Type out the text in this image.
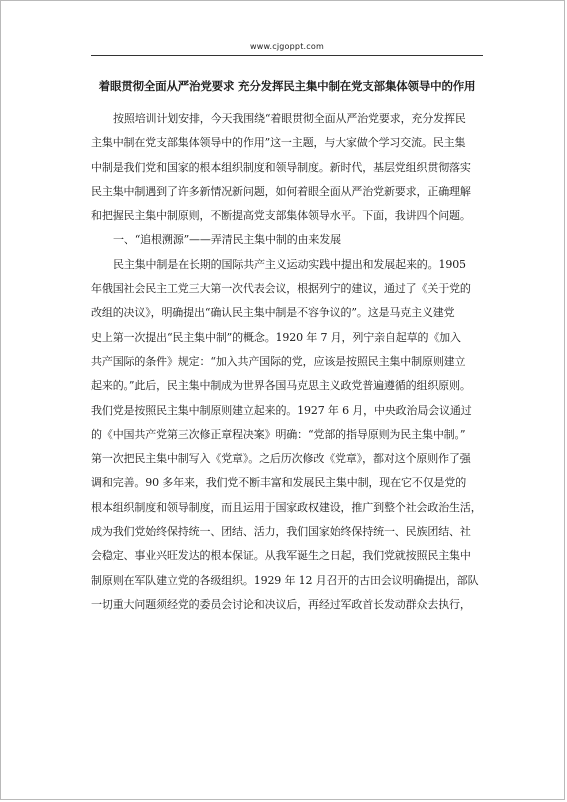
www.cjgoppt.com
着眼贯彻全面从严治党要求 充分发挥民主集中制在党支部集体领导中的作用
按照培训计划安排，今天我围绕“着眼贯彻全面从严治党要求，充分发挥民
主集中制在党支部集体领导中的作用”这一主题，与大家做个学习交流。民主集
中制是我们党和国家的根本组织制度和领导制度。新时代，基层党组织贯彻落实
民主集中制遇到了许多新情况新问题，如何着眼全面从严治党新要求，正确理解
和把握民主集中制原则，不断提高党支部集体领导水平。下面，我讲四个问题。
一、“追根溯源”——弄清民主集中制的由来发展
民主集中制是在长期的国际共产主义运动实践中提出和发展起来的。1905
年俄国社会民主工党三大第一次代表会议，根据列宁的建议，通过了《关于党的
改组的决议》，明确提出“确认民主集中制是不容争议的”。这是马克主义建党
史上第一次提出“民主集中制”的概念。1920 年 7 月，列宁亲自起草的《加入
共产国际的条件》规定：“加入共产国际的党，应该是按照民主集中制原则建立
起来的。”此后，民主集中制成为世界各国马克思主义政党普遍遵循的组织原则。
我们党是按照民主集中制原则建立起来的。1927 年 6 月，中央政治局会议通过
的《中国共产党第三次修正章程决案》明确：“党部的指导原则为民主集中制。”
第一次把民主集中制写入《党章》。之后历次修改《党章》，都对这个原则作了强
调和完善。90 多年来，我们党不断丰富和发展民主集中制，现在它不仅是党的
根本组织制度和领导制度，而且运用于国家政权建设，推广到整个社会政治生活，
成为我们党始终保持统一、团结、活力，我们国家始终保持统一、民族团结、社
会稳定、事业兴旺发达的根本保证。从我军诞生之日起，我们党就按照民主集中
制原则在军队建立党的各级组织。1929 年 12 月召开的古田会议明确提出，部队
一切重大问题须经党的委员会讨论和决议后，再经过军政首长发动群众去执行，
